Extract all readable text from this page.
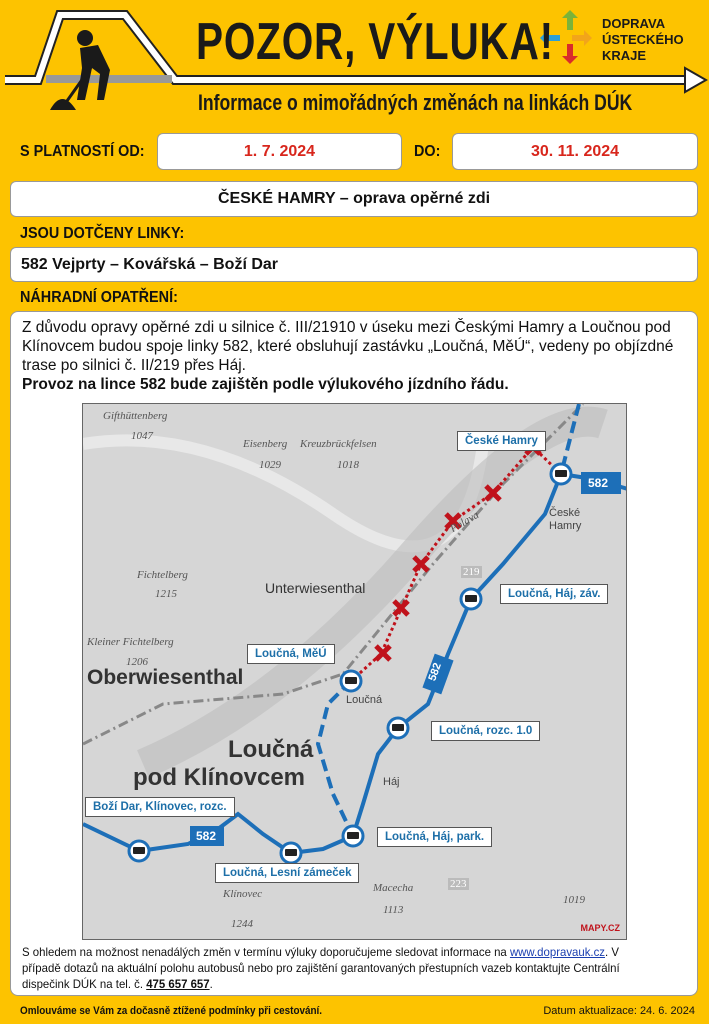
POZOR, VÝLUKA!
Informace o mimořádných změnách na linkách DÚK
DOPRAVA
ÚSTECKÉHO
KRAJE
S PLATNOSTÍ OD:	1. 7. 2024	DO:	30. 11. 2024
ČESKÉ HAMRY – oprava opěrné zdi
JSOU DOTČENY LINKY:
582 Vejprty – Kovářská – Boží Dar
NÁHRADNÍ OPATŘENÍ:
Z důvodu opravy opěrné zdi u silnice č. III/21910 v úseku mezi Českými Hamry a Loučnou pod Klínovcem budou spoje linky 582, které obsluhují zastávku „Loučná, MěÚ“, vedeny po objízdné trase po silnici č. II/219 přes Háj.
Provoz na lince 582 bude zajištěn podle výlukového jízdního řádu.
582
582
582
Gifthüttenberg
1047
Eisenberg
1029
Kreuzbrückfelsen
1018
Fichtelberg
1215
Kleiner Fichtelberg
1206
Macecha
1113
Klínovec
1244
1019
Polava
219
223
Oberwiesenthal
Loučná
pod Klínovcem
Unterwiesenthal
České
Hamry
Loučná
Háj
České Hamry
Loučná, Háj, záv.
Loučná, MěÚ
Loučná, rozc. 1.0
Boží Dar, Klínovec, rozc.
Loučná, Háj, park.
Loučná, Lesní zámeček
MAPY.CZ
S ohledem na možnost nenadálých změn v termínu výluky doporučujeme sledovat informace na www.dopravauk.cz. V případě dotazů na aktuální polohu autobusů nebo pro zajištění garantovaných přestupních vazeb kontaktujte Centrální dispečink DÚK na tel. č. 475 657 657.
Omlouváme se Vám za dočasně ztížené podmínky při cestování.	Datum aktualizace: 24. 6. 2024
